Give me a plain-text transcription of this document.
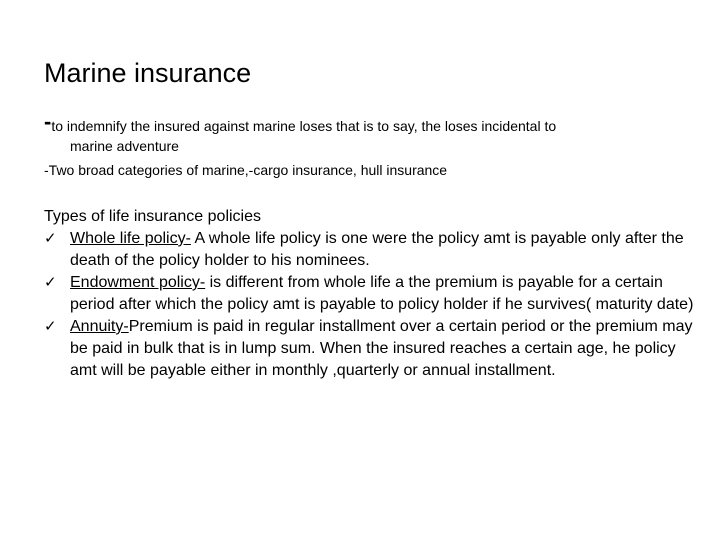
Marine insurance
-to indemnify the insured against marine loses that is to say, the loses incidental to
marine adventure
-Two broad categories of marine,-cargo insurance, hull insurance

Types of life insurance policies

✓ Whole life policy- A whole life policy is one were the policy amt is payable only after the death of the policy holder to his nominees.
✓ Endowment policy- is different from whole life a the premium is payable for a certain period after which the policy amt is payable to policy holder if he survives( maturity date)
✓ Annuity-Premium is paid in regular installment over a certain period or the premium may be paid in bulk that is in lump sum. When the insured reaches a certain age, he policy amt will be payable either in monthly ,quarterly or annual installment.
